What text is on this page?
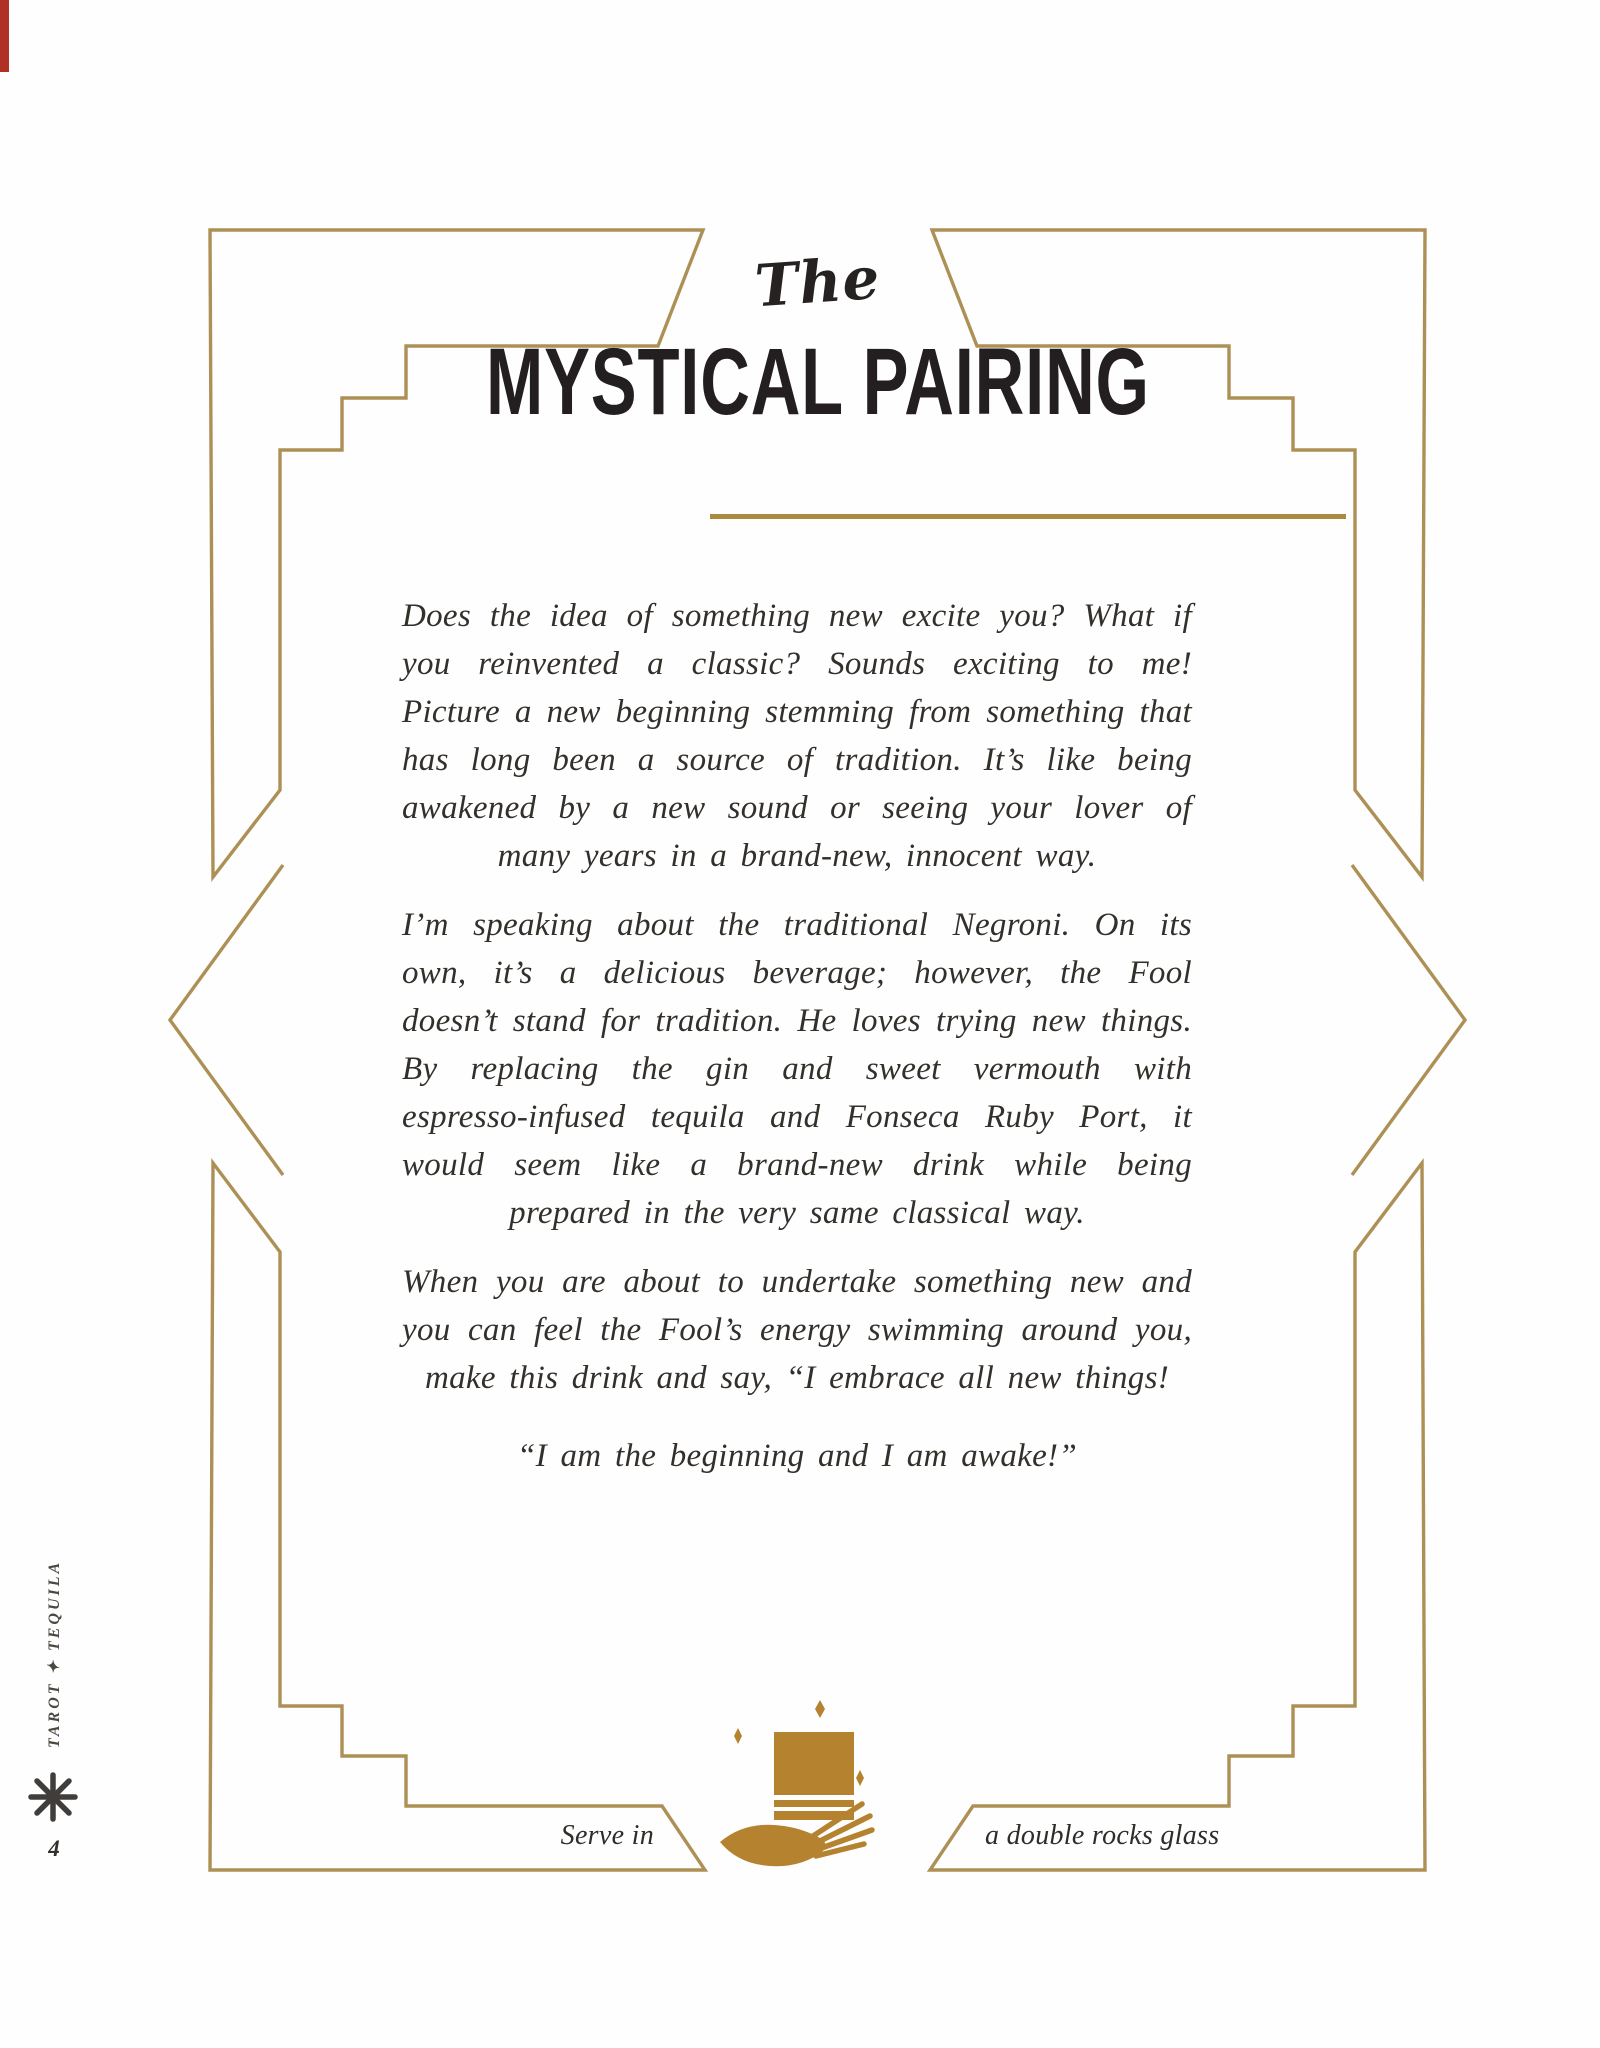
The
MYSTICAL PAIRING

Does the idea of something new excite you? What if you reinvented a classic? Sounds exciting to me! Picture a new beginning stemming from something that has long been a source of tradition. It’s like being awakened by a new sound or seeing your lover of many years in a brand-new, innocent way.

I’m speaking about the traditional Negroni. On its own, it’s a delicious beverage; however, the Fool doesn’t stand for tradition. He loves trying new things. By replacing the gin and sweet vermouth with espresso-infused tequila and Fonseca Ruby Port, it would seem like a brand-new drink while being prepared in the very same classical way.

When you are about to undertake something new and you can feel the Fool’s energy swimming around you, make this drink and say, “I embrace all new things!

“I am the beginning and I am awake!”

Serve in	a double rocks glass
TAROT ✦ TEQUILA
4
